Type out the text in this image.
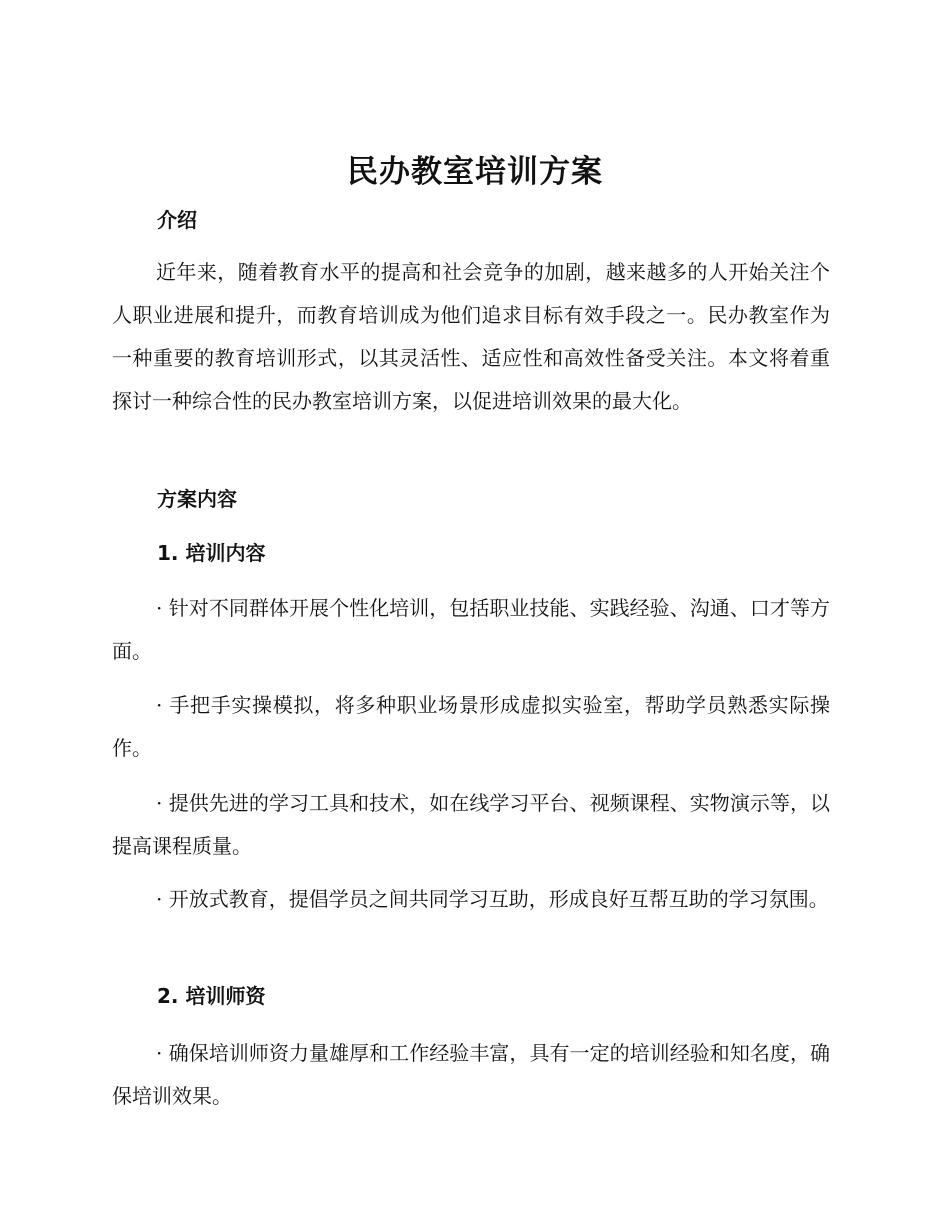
民办教室培训方案
介绍

近年来，随着教育水平的提高和社会竞争的加剧，越来越多的人开始关注个人职业进展和提升，而教育培训成为他们追求目标有效手段之一。民办教室作为一种重要的教育培训形式，以其灵活性、适应性和高效性备受关注。本文将着重探讨一种综合性的民办教室培训方案，以促进培训效果的最大化。

方案内容
1. 培训内容

· 针对不同群体开展个性化培训，包括职业技能、实践经验、沟通、口才等方面。

· 手把手实操模拟，将多种职业场景形成虚拟实验室，帮助学员熟悉实际操作。

· 提供先进的学习工具和技术，如在线学习平台、视频课程、实物演示等，以提高课程质量。

· 开放式教育，提倡学员之间共同学习互助，形成良好互帮互助的学习氛围。

2. 培训师资

· 确保培训师资力量雄厚和工作经验丰富，具有一定的培训经验和知名度，确保培训效果。
